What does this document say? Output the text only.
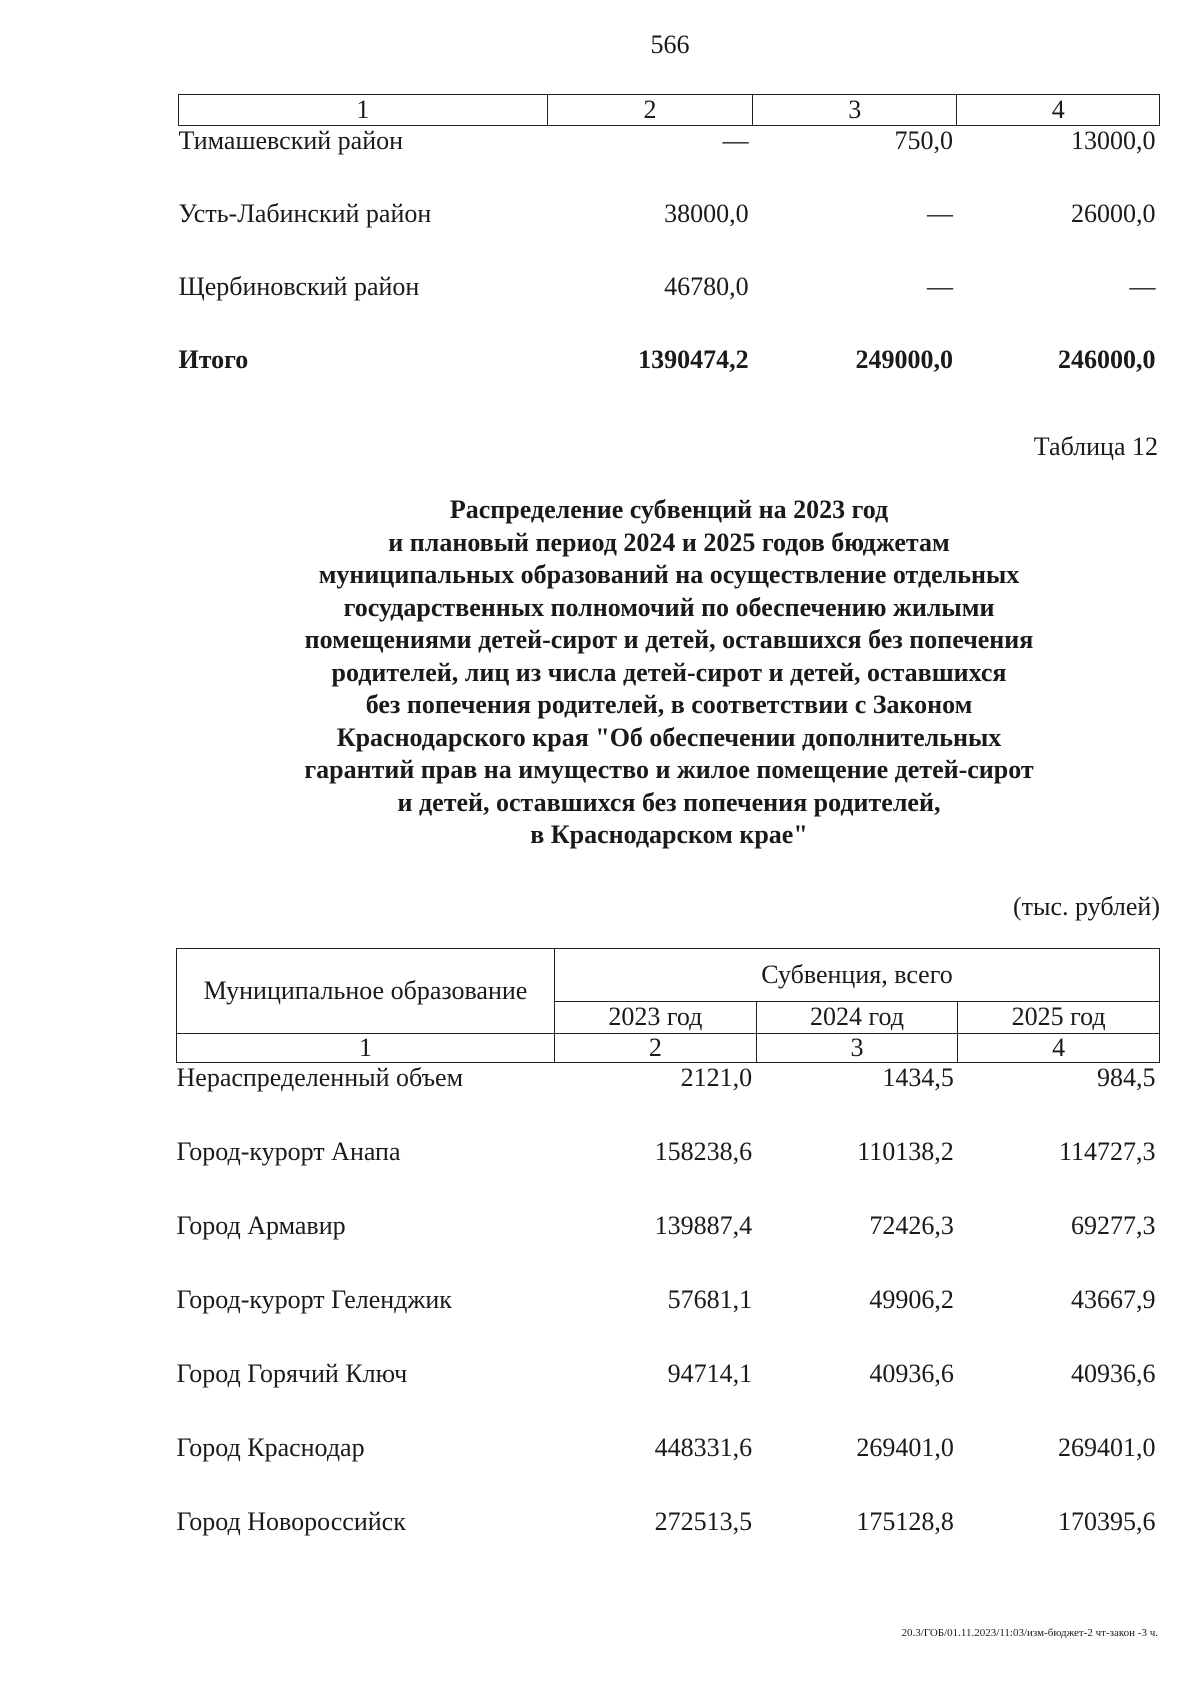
566
1	2	3	4
Тимашевский район	—	750,0	13000,0
Усть-Лабинский район	38000,0	—	26000,0
Щербиновский район	46780,0	—	—
Итого	1390474,2	249000,0	246000,0
Таблица 12
Распределение субвенций на 2023 год
и плановый период 2024 и 2025 годов бюджетам
муниципальных образований на осуществление отдельных
государственных полномочий по обеспечению жилыми
помещениями детей-сирот и детей, оставшихся без попечения
родителей, лиц из числа детей-сирот и детей, оставшихся
без попечения родителей, в соответствии с Законом
Краснодарского края "Об обеспечении дополнительных
гарантий прав на имущество и жилое помещение детей-сирот
и детей, оставшихся без попечения родителей,
в Краснодарском крае"
(тыс. рублей)
Муниципальное образование	Субвенция, всего		
	2023 год	2024 год	2025 год
1	2	3	4
Нераспределенный объем	2121,0	1434,5	984,5
Город-курорт Анапа	158238,6	110138,2	114727,3
Город Армавир	139887,4	72426,3	69277,3
Город-курорт Геленджик	57681,1	49906,2	43667,9
Город Горячий Ключ	94714,1	40936,6	40936,6
Город Краснодар	448331,6	269401,0	269401,0
Город Новороссийск	272513,5	175128,8	170395,6
20.3/ГОБ/01.11.2023/11:03/изм-бюджет-2 чт-закон -3 ч.
